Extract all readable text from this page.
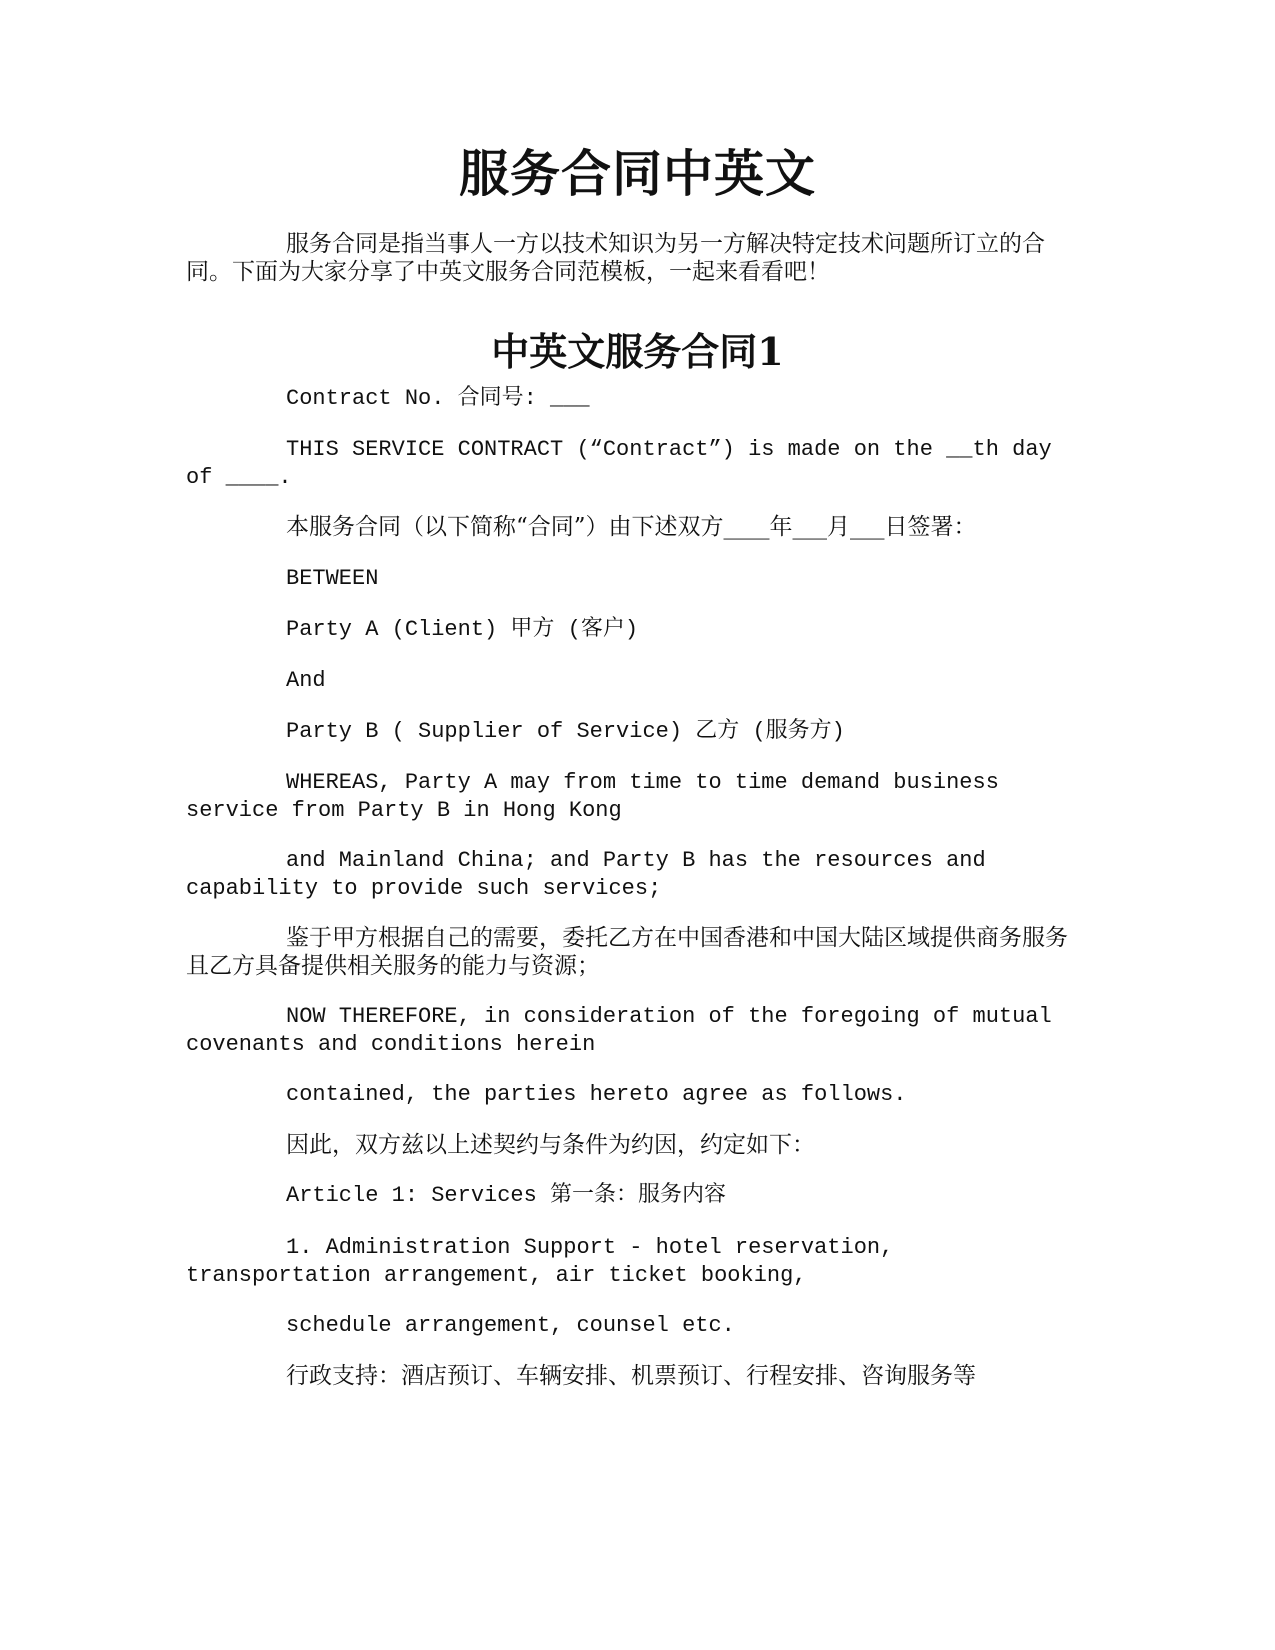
服务合同中英文

服务合同是指当事人一方以技术知识为另一方解决特定技术问题所订立的合同。下面为大家分享了中英文服务合同范模板，一起来看看吧！

中英文服务合同1

Contract No. 合同号: ___

THIS SERVICE CONTRACT (“Contract”) is made on the __th day of ____.

本服务合同（以下简称“合同”）由下述双方____年___月___日签署：

BETWEEN

Party A (Client) 甲方 (客户)

And

Party B ( Supplier of Service) 乙方 (服务方)

WHEREAS, Party A may from time to time demand business service from Party B in Hong Kong

and Mainland China; and Party B has the resources and capability to provide such services;

鉴于甲方根据自己的需要，委托乙方在中国香港和中国大陆区域提供商务服务且乙方具备提供相关服务的能力与资源；

NOW THEREFORE, in consideration of the foregoing of mutual covenants and conditions herein

contained, the parties hereto agree as follows.

因此，双方兹以上述契约与条件为约因，约定如下：

Article 1: Services 第一条：服务内容

1. Administration Support - hotel reservation, transportation arrangement, air ticket booking,

schedule arrangement, counsel etc.

行政支持：酒店预订、车辆安排、机票预订、行程安排、咨询服务等
